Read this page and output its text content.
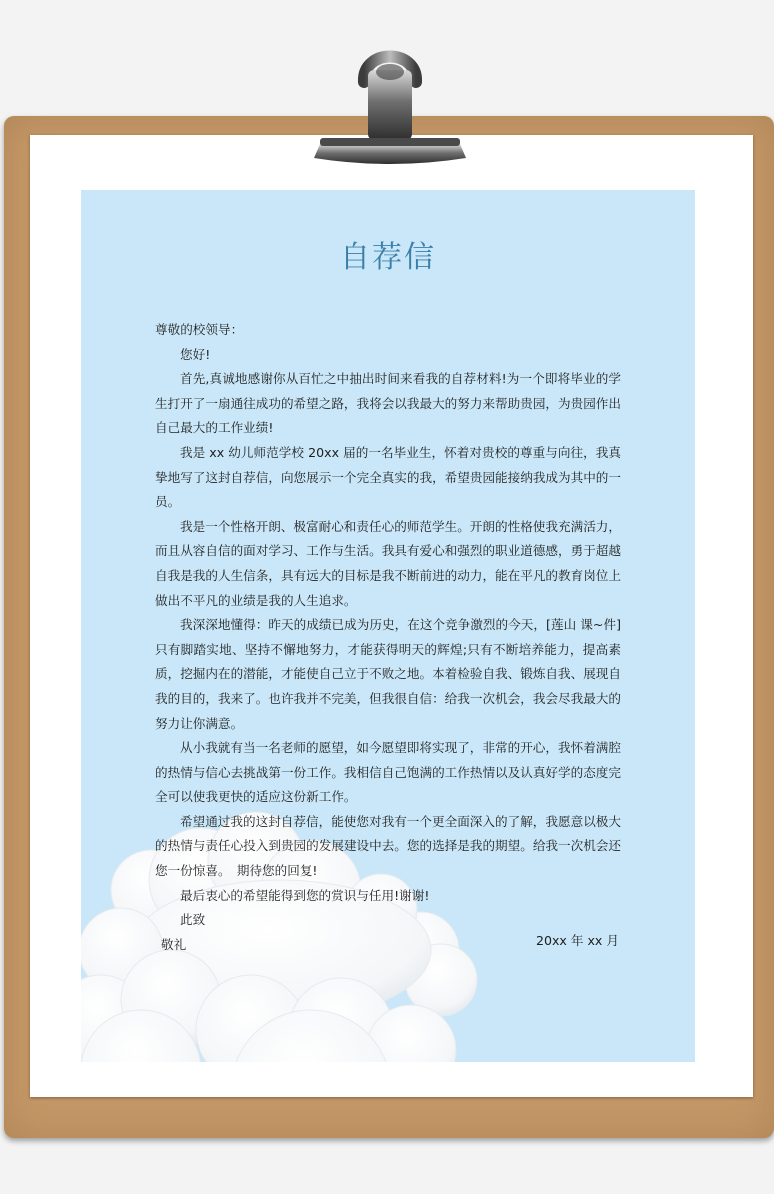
自荐信

尊敬的校领导：

您好!

首先,真诚地感谢你从百忙之中抽出时间来看我的自荐材料!为一个即将毕业的学生打开了一扇通往成功的希望之路，我将会以我最大的努力来帮助贵园，为贵园作出自己最大的工作业绩!

我是 xx 幼儿师范学校 20xx 届的一名毕业生，怀着对贵校的尊重与向往，我真挚地写了这封自荐信，向您展示一个完全真实的我，希望贵园能接纳我成为其中的一员。

我是一个性格开朗、极富耐心和责任心的师范学生。开朗的性格使我充满活力，而且从容自信的面对学习、工作与生活。我具有爱心和强烈的职业道德感，勇于超越自我是我的人生信条，具有远大的目标是我不断前进的动力，能在平凡的教育岗位上做出不平凡的业绩是我的人生追求。

我深深地懂得：昨天的成绩已成为历史，在这个竞争激烈的今天，[莲山 课~件]只有脚踏实地、坚持不懈地努力，才能获得明天的辉煌;只有不断培养能力，提高素质，挖掘内在的潜能，才能使自己立于不败之地。本着检验自我、锻炼自我、展现自我的目的，我来了。也许我并不完美，但我很自信：给我一次机会，我会尽我最大的努力让你满意。

从小我就有当一名老师的愿望，如今愿望即将实现了，非常的开心，我怀着满腔的热情与信心去挑战第一份工作。我相信自己饱满的工作热情以及认真好学的态度完全可以使我更快的适应这份新工作。

希望通过我的这封自荐信，能使您对我有一个更全面深入的了解，我愿意以极大的热情与责任心投入到贵园的发展建设中去。您的选择是我的期望。给我一次机会还您一份惊喜。　期待您的回复!

最后衷心的希望能得到您的赏识与任用!谢谢!

此致

敬礼	20xx 年 xx 月
